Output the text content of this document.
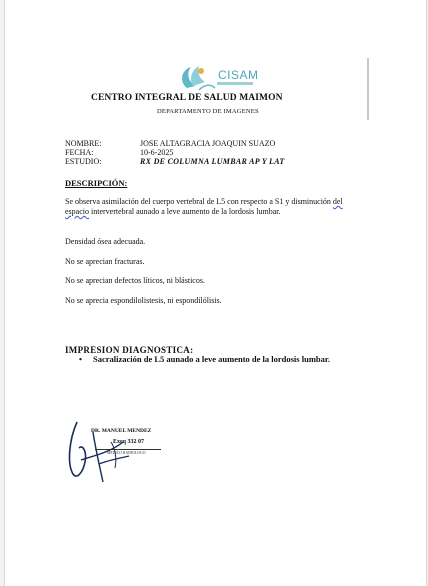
CISAM
CENTRO INTEGRAL DE SALUD MAIMON
DEPARTAMENTO DE IMAGENES
NOMBRE:	JOSE ALTAGRACIA JOAQUIN SUAZO
FECHA:	10-6-2025
ESTUDIO:	RX DE COLUMNA LUMBAR AP Y LAT
DESCRIPCIÓN:
Se observa asimilación del cuerpo vertebral de L5 con respecto a S1 y disminución del espacio intervertebral aunado a leve aumento de la lordosis lumbar.
Densidad ósea adecuada.
No se aprecian fracturas.
No se aprecian defectos líticos, ni blásticos.
No se aprecia espondilolistesis, ni espondilólisis.
IMPRESION DIAGNOSTICA:
• Sacralización de L5 aunado a leve aumento de la lordosis lumbar.
DR. MANUEL MENDEZ
Exeq 332 07
MEDICO RADIOLOGO
